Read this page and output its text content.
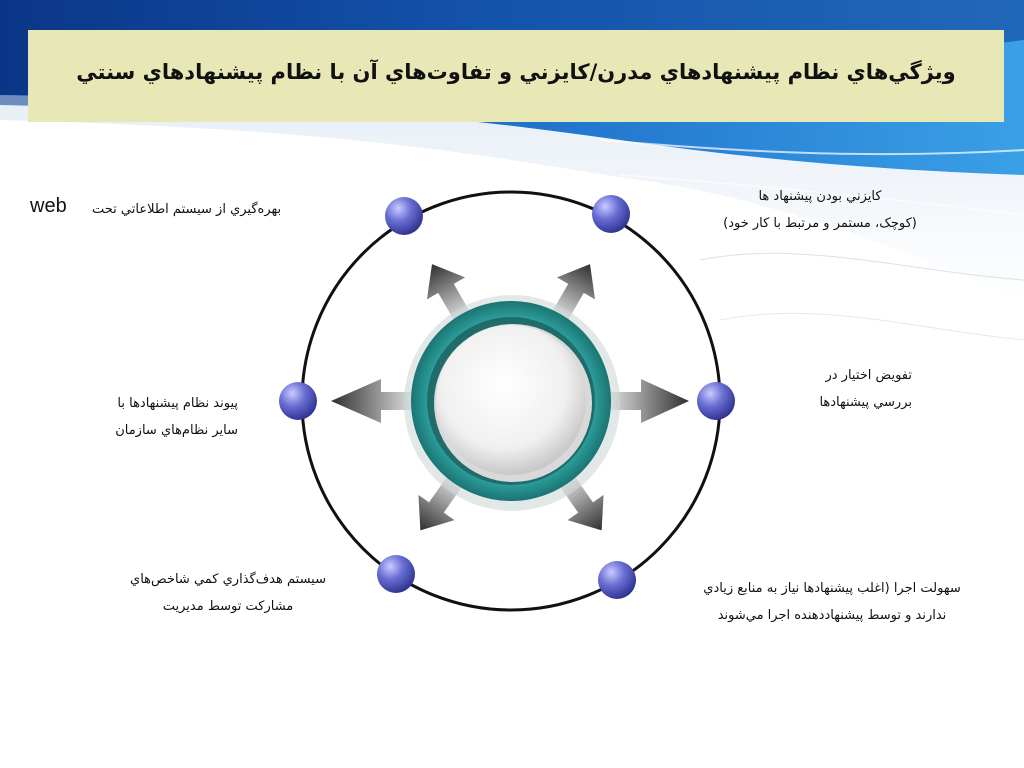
ويژگي‌هاي نظام پيشنهادهاي مدرن/كايزني و تفاوت‌هاي آن با نظام پيشنهادهاي سنتي
بهره‌گيري از سيستم اطلاعاتي تحت
web	كايزني بودن پيشنهاد ها
(كوچک، مستمر و مرتبط با كار خود)
پيوند نظام پيشنهادها با
ساير نظام‌هاي سازمان
تفويض اختيار در
بررسي پيشنهادها
سيستم هدف‌گذاري كمي شاخص‌هاي
مشاركت توسط مديريت
سهولت اجرا (اغلب پيشنهادها نياز به منابع زيادي
ندارند و توسط پيشنهاددهنده اجرا مي‌شوند
